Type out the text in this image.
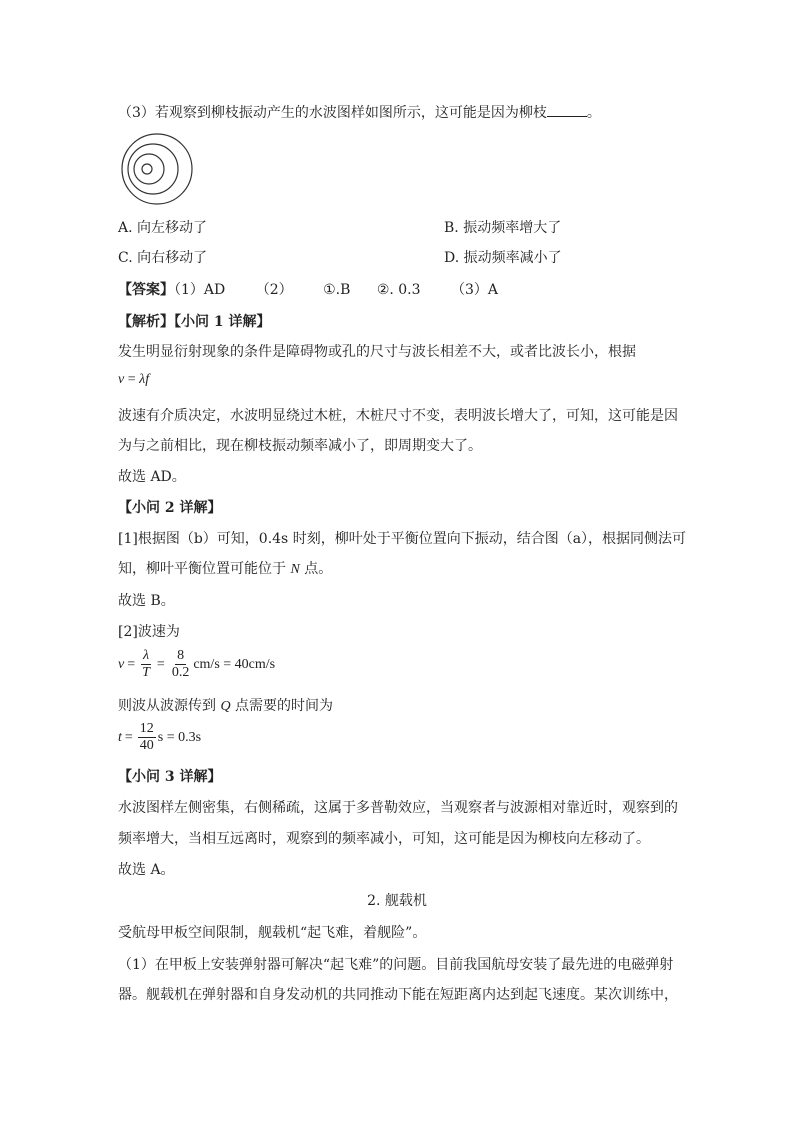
（3）若观察到柳枝振动产生的水波图样如图所示，这可能是因为柳枝	。
A. 向左移动了	B. 振动频率增大了
C. 向右移动了	D. 振动频率减小了
【答案】（1）AD （2） ①.B ②. 0.3 （3）A
【解析】【小问 1 详解】
发生明显衍射现象的条件是障碍物或孔的尺寸与波长相差不大，或者比波长小，根据
v = λf
波速有介质决定，水波明显绕过木桩，木桩尺寸不变，表明波长增大了，可知，这可能是因
为与之前相比，现在柳枝振动频率减小了，即周期变大了。
故选 AD。
【小问 2 详解】
[1]根据图（b）可知，0.4s 时刻，柳叶处于平衡位置向下振动，结合图（a），根据同侧法可
知，柳叶平衡位置可能位于 N 点。
故选 B。
[2]波速为
$v = \frac{\lambda}{T} = \frac{8}{0.2} cm/s = 40cm/s$
则波从波源传到 Q 点需要的时间为
$t = \frac{12}{40}$ s = 0.3s
【小问 3 详解】
水波图样左侧密集，右侧稀疏，这属于多普勒效应，当观察者与波源相对靠近时，观察到的
频率增大，当相互远离时，观察到的频率减小，可知，这可能是因为柳枝向左移动了。
故选 A。
2. 舰载机
受航母甲板空间限制，舰载机“起飞难，着舰险”。
（1）在甲板上安装弹射器可解决“起飞难”的问题。目前我国航母安装了最先进的电磁弹射
器。舰载机在弹射器和自身发动机的共同推动下能在短距离内达到起飞速度。某次训练中，
